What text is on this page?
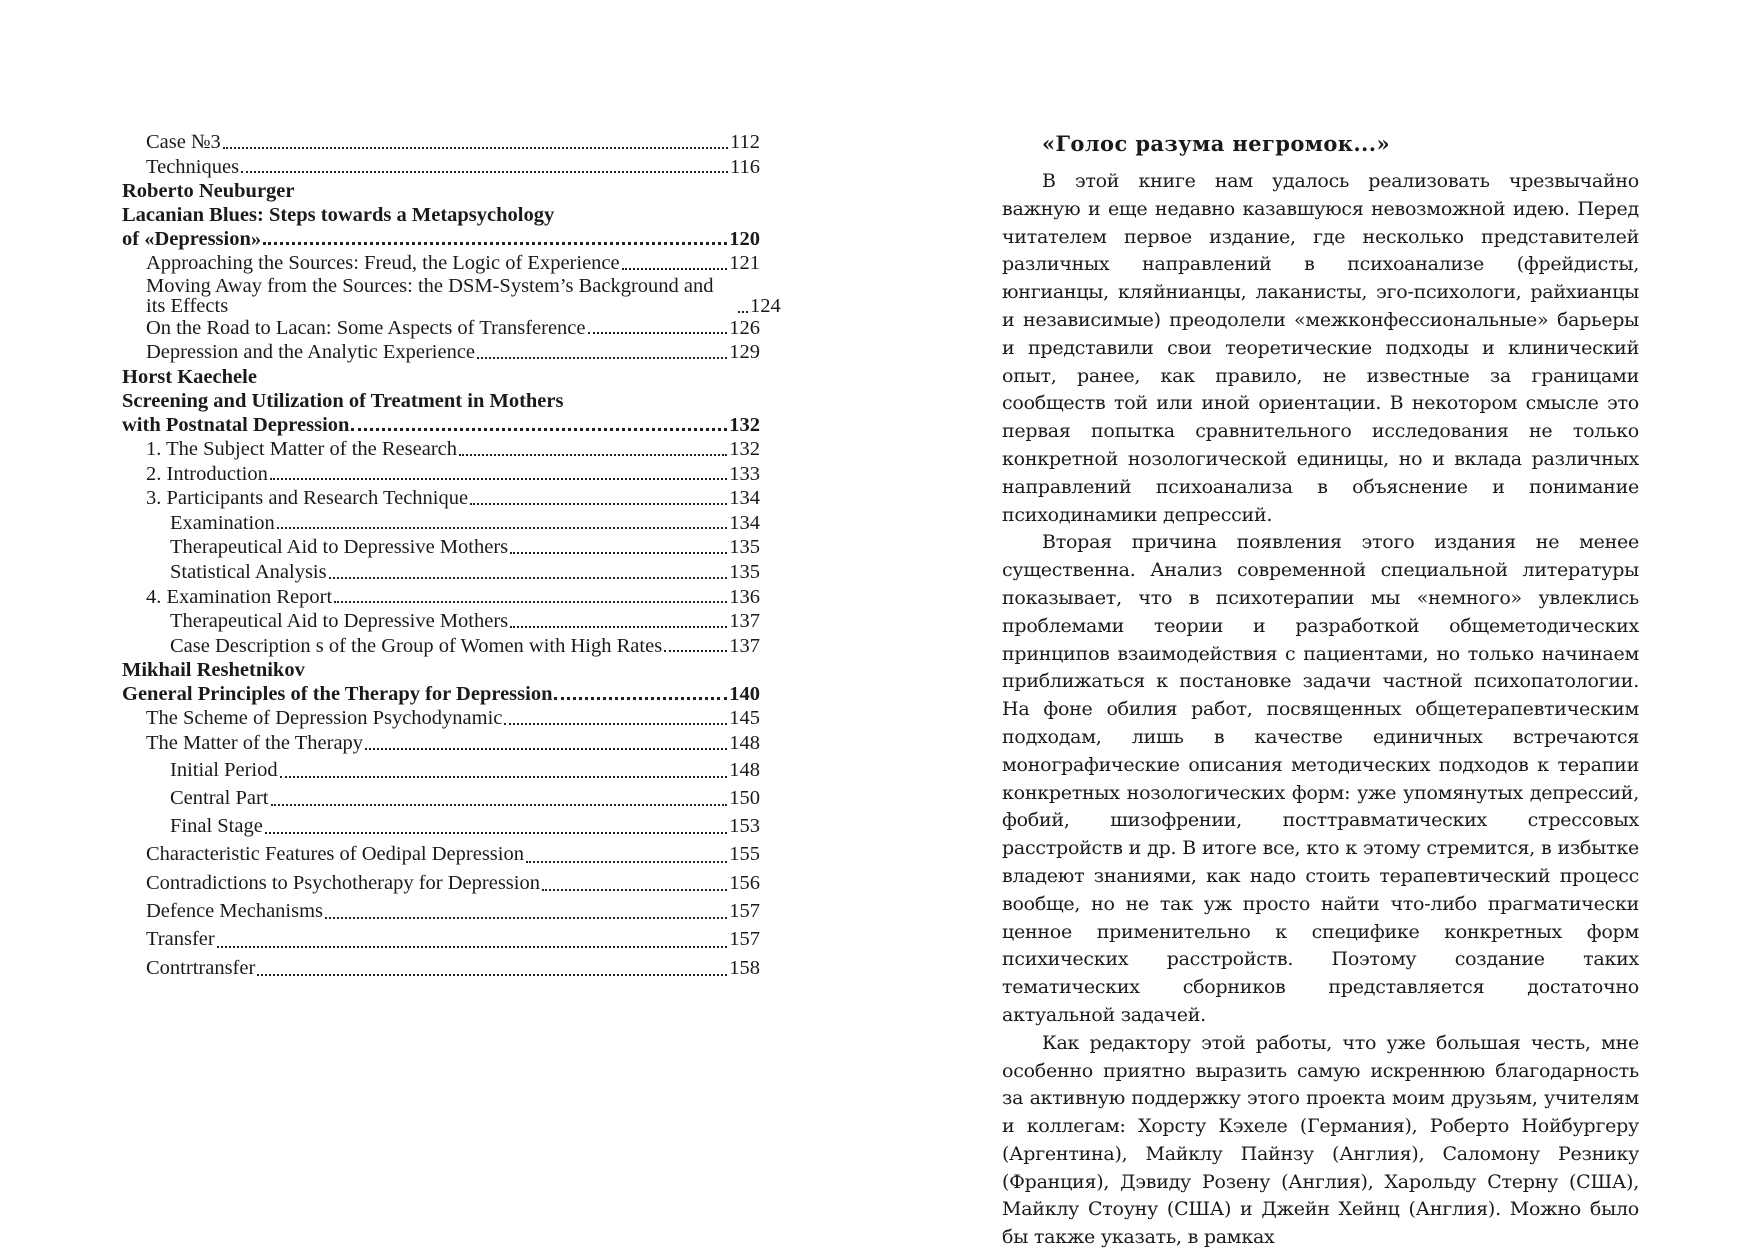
Case №3	112
Techniques	116
Roberto Neuburger
Lacanian Blues: Steps towards a Metapsychology
of «Depression»	120
Approaching the Sources: Freud, the Logic of Experience	121
Moving Away from the Sources: the DSM-System’s Background and its Effects	124
On the Road to Lacan: Some Aspects of Transference	126
Depression and the Analytic Experience	129
Horst Kaechele
Screening and Utilization of Treatment in Mothers
with Postnatal Depression	132
1. The Subject Matter of the Research	132
2. Introduction	133
3. Participants and Research Technique	134
Examination	134
Therapeutical Aid to Depressive Mothers	135
Statistical Analysis	135
4. Examination Report	136
Therapeutical Aid to Depressive Mothers	137
Case Description s of the Group of Women with High Rates	137
Mikhail Reshetnikov
General Principles of the Therapy for Depression	140
The Scheme of Depression Psychodynamic	145
The Matter of the Therapy	148
Initial Period	148
Central Part	150
Final Stage	153
Characteristic Features of Oedipal Depression	155
Contradictions to Psychotherapy for Depression	156
Defence Mechanisms	157
Transfer	157
Contrtransfer	158
«Голос разума негромок...»

В этой книге нам удалось реализовать чрезвычайно важную и еще недавно казавшуюся невозможной идею. Перед читателем первое издание, где несколько представителей различных направлений в психоанализе (фрейдисты, юнгианцы, кляйнианцы, лаканисты, эго-психологи, райхианцы и независимые) преодолели «межконфессиональные» барьеры и представили свои теоретические подходы и клинический опыт, ранее, как правило, не известные за границами сообществ той или иной ориентации. В некотором смысле это первая попытка сравнительного исследования не только конкретной нозологической единицы, но и вклада различных направлений психоанализа в объяснение и понимание психодинамики депрессий.

Вторая причина появления этого издания не менее существенна. Анализ современной специальной литературы показывает, что в психотерапии мы «немного» увлеклись проблемами теории и разработкой общеметодических принципов взаимодействия с пациентами, но только начинаем приближаться к постановке задачи частной психопатологии. На фоне обилия работ, посвященных общетерапевтическим подходам, лишь в качестве единичных встречаются монографические описания методических подходов к терапии конкретных нозологических форм: уже упомянутых депрессий, фобий, шизофрении, посттравматических стрессовых расстройств и др. В итоге все, кто к этому стремится, в избытке владеют знаниями, как надо стоить терапевтический процесс вообще, но не так уж просто найти что-либо прагматически ценное применительно к специфике конкретных форм психических расстройств. Поэтому создание таких тематических сборников представляется достаточно актуальной задачей.

Как редактору этой работы, что уже большая честь, мне особенно приятно выразить самую искреннюю благодарность за активную поддержку этого проекта моим друзьям, учителям и коллегам: Хорсту Кэхеле (Германия), Роберто Нойбургеру (Аргентина), Майклу Пайнзу (Англия), Саломону Резнику (Франция), Дэвиду Розену (Англия), Харольду Стерну (США), Майклу Стоуну (США) и Джейн Хейнц (Англия). Можно было бы также указать, в рамках
